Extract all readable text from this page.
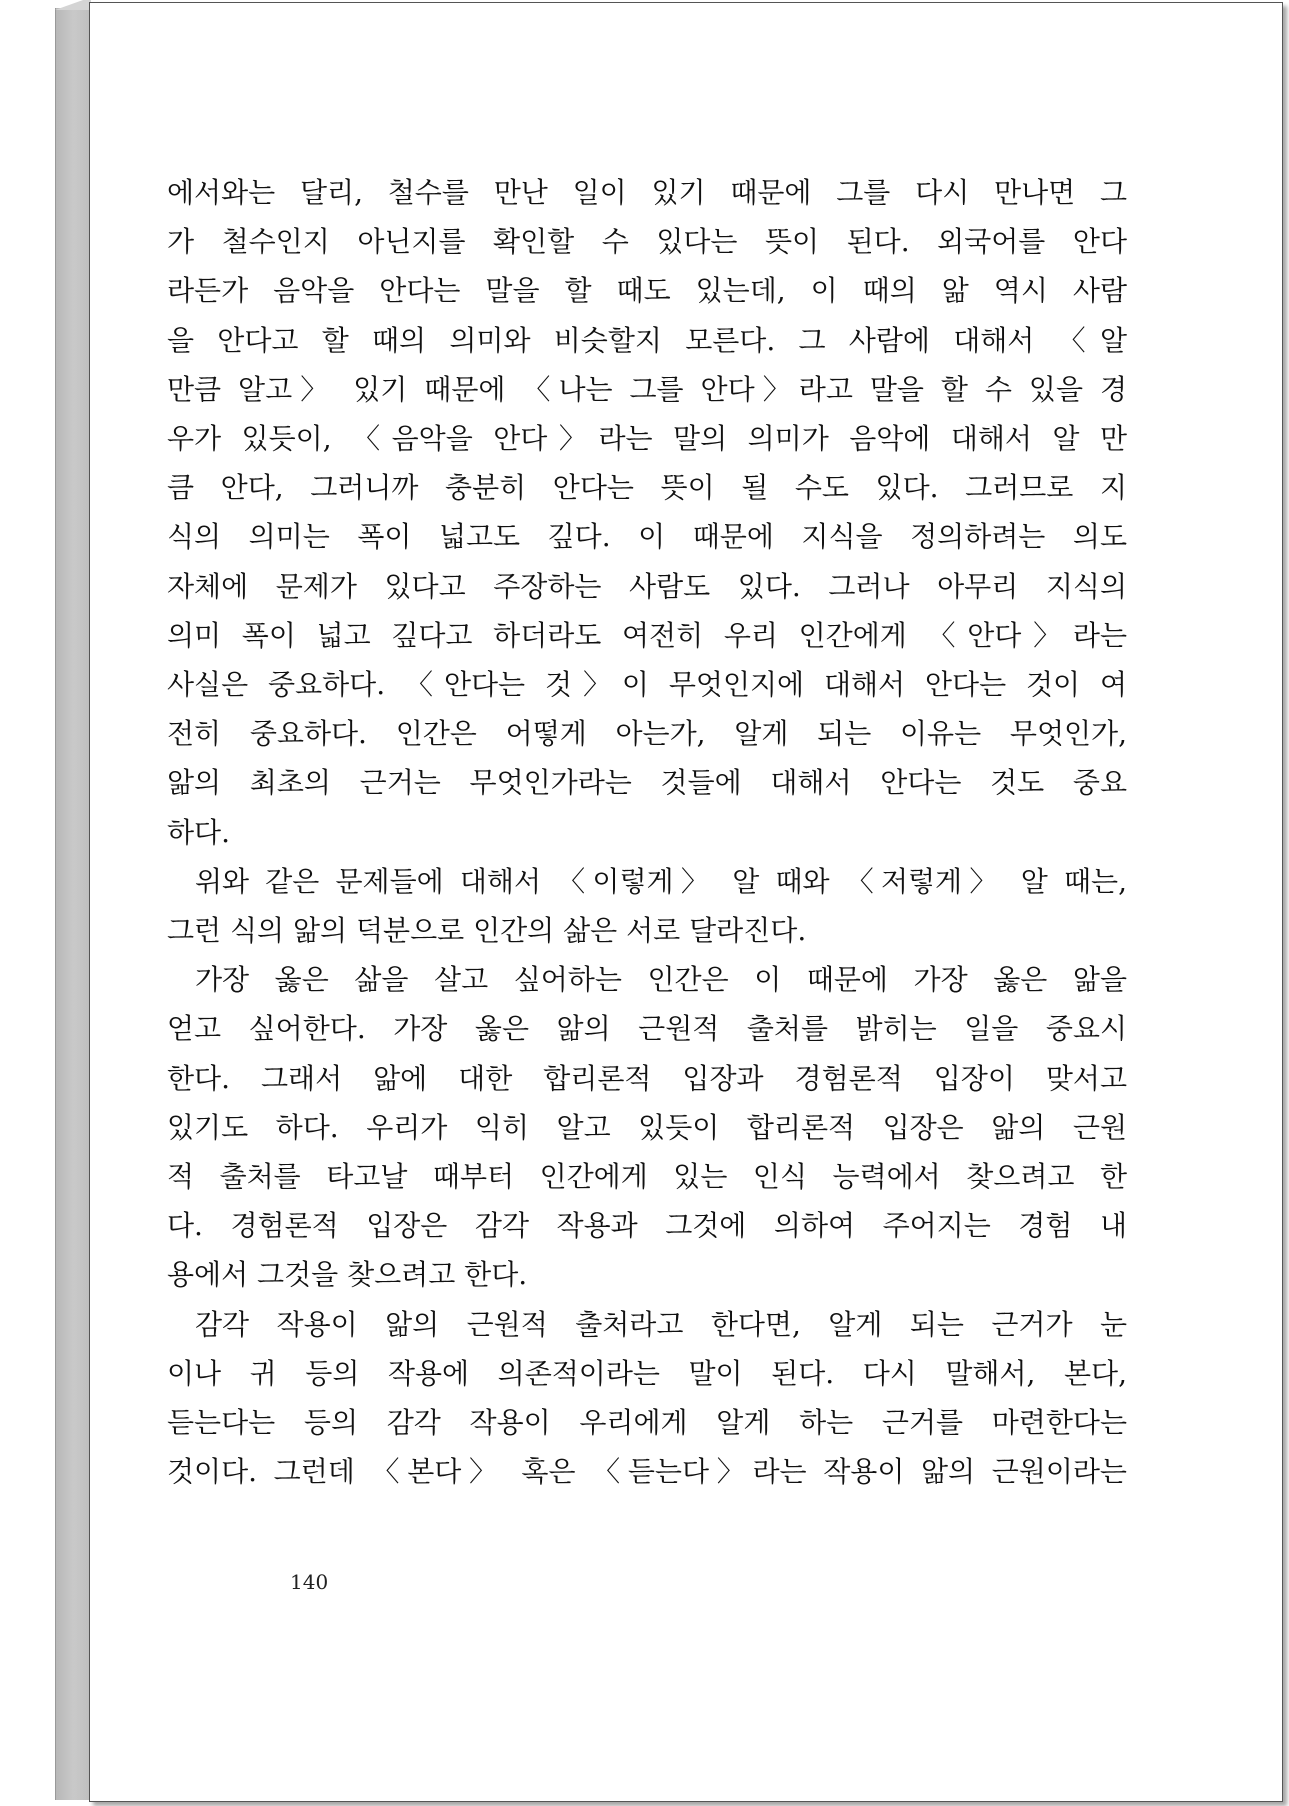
에서와는 달리, 철수를 만난 일이 있기 때문에 그를 다시 만나면 그
가 철수인지 아닌지를 확인할 수 있다는 뜻이 된다. 외국어를 안다
라든가 음악을 안다는 말을 할 때도 있는데, 이 때의 앎 역시 사람
을 안다고 할 때의 의미와 비슷할지 모른다. 그 사람에 대해서 〈알
만큼 알고〉 있기 때문에 〈나는 그를 안다〉라고 말을 할 수 있을 경
우가 있듯이, 〈음악을 안다〉라는 말의 의미가 음악에 대해서 알 만
큼 안다, 그러니까 충분히 안다는 뜻이 될 수도 있다. 그러므로 지
식의 의미는 폭이 넓고도 깊다. 이 때문에 지식을 정의하려는 의도
자체에 문제가 있다고 주장하는 사람도 있다. 그러나 아무리 지식의
의미 폭이 넓고 깊다고 하더라도 여전히 우리 인간에게 〈안다〉라는
사실은 중요하다. 〈안다는 것〉이 무엇인지에 대해서 안다는 것이 여
전히 중요하다. 인간은 어떻게 아는가, 알게 되는 이유는 무엇인가,
앎의 최초의 근거는 무엇인가라는 것들에 대해서 안다는 것도 중요
하다.
위와 같은 문제들에 대해서 〈이렇게〉 알 때와 〈저렇게〉 알 때는,
그런 식의 앎의 덕분으로 인간의 삶은 서로 달라진다.
가장 옳은 삶을 살고 싶어하는 인간은 이 때문에 가장 옳은 앎을
얻고 싶어한다. 가장 옳은 앎의 근원적 출처를 밝히는 일을 중요시
한다. 그래서 앎에 대한 합리론적 입장과 경험론적 입장이 맞서고
있기도 하다. 우리가 익히 알고 있듯이 합리론적 입장은 앎의 근원
적 출처를 타고날 때부터 인간에게 있는 인식 능력에서 찾으려고 한
다. 경험론적 입장은 감각 작용과 그것에 의하여 주어지는 경험 내
용에서 그것을 찾으려고 한다.
감각 작용이 앎의 근원적 출처라고 한다면, 알게 되는 근거가 눈
이나 귀 등의 작용에 의존적이라는 말이 된다. 다시 말해서, 본다,
듣는다는 등의 감각 작용이 우리에게 알게 하는 근거를 마련한다는
것이다. 그런데 〈본다〉 혹은 〈듣는다〉라는 작용이 앎의 근원이라는
140
